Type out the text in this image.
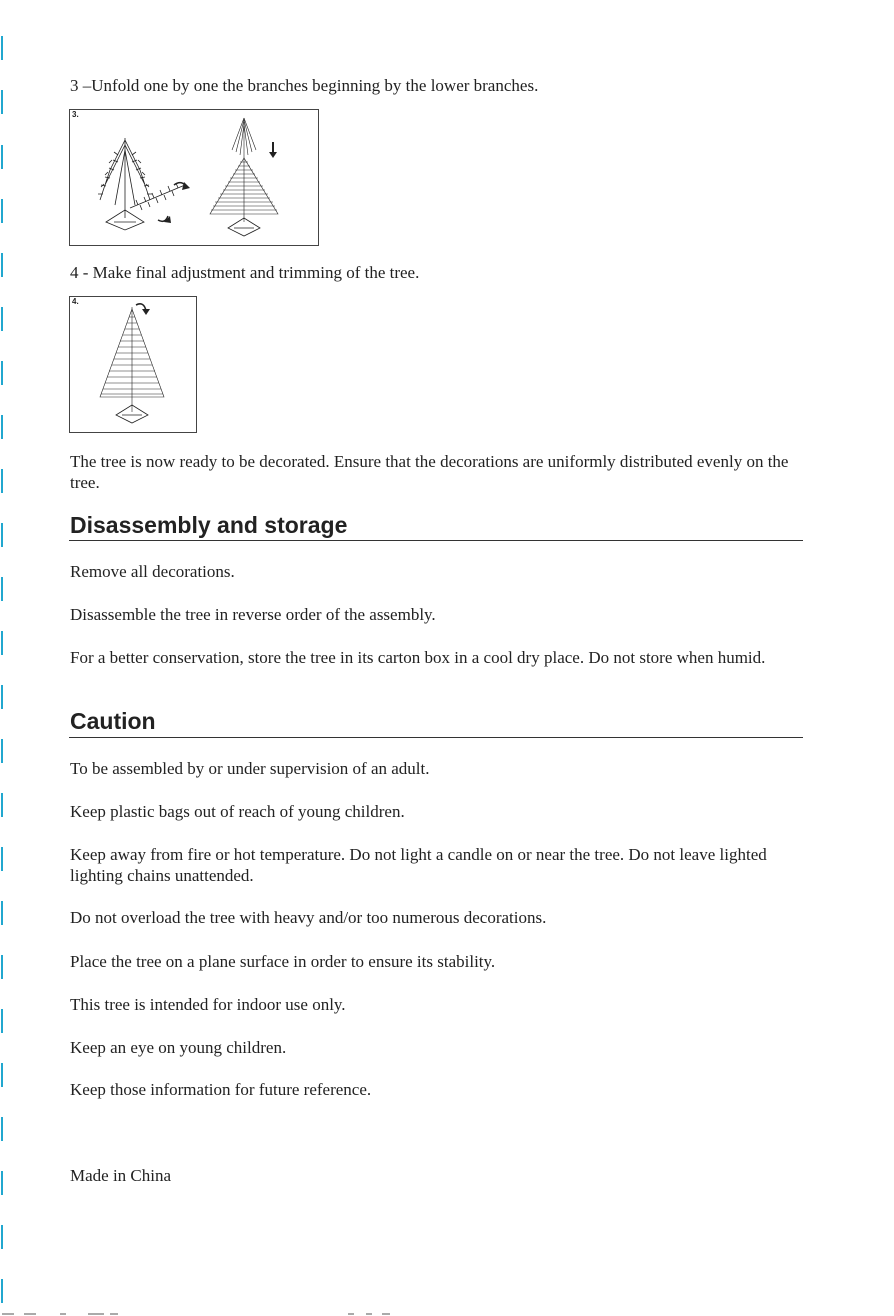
3 –Unfold one by one the branches beginning by the lower branches.

3.

4 - Make final adjustment and trimming of the tree.

4.

The tree is now ready to be decorated. Ensure that the decorations are uniformly distributed evenly on the tree.

Disassembly and storage

Remove all decorations.

Disassemble the tree in reverse order of the assembly.

For a better conservation, store the tree in its carton box in a cool dry place. Do not store when humid.

Caution

To be assembled by or under supervision of an adult.

Keep plastic bags out of reach of young children.

Keep away from fire or hot temperature. Do not light a candle on or near the tree. Do not leave lighted lighting chains unattended.

Do not overload the tree with heavy and/or too numerous decorations.

Place the tree on a plane surface in order to ensure its stability.

This tree is intended for indoor use only.

Keep an eye on young children.

Keep those information for future reference.

Made in China
